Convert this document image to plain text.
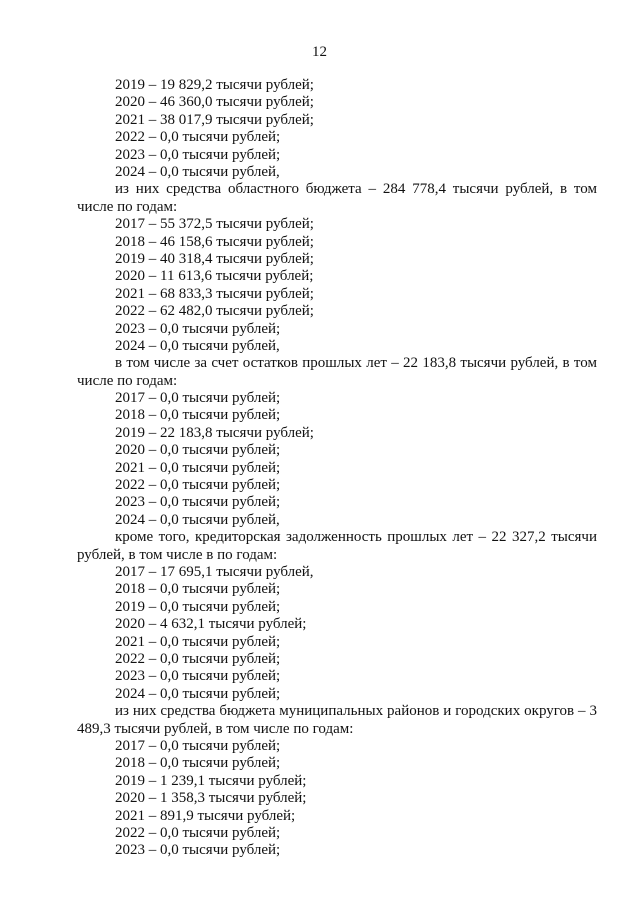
12
2019 – 19 829,2 тысячи рублей;
2020 – 46 360,0 тысячи рублей;
2021 – 38 017,9 тысячи рублей;
2022 – 0,0 тысячи рублей;
2023 – 0,0 тысячи рублей;
2024 – 0,0 тысячи рублей,
из них средства областного бюджета – 284 778,4 тысячи рублей, в том числе по годам:
2017 – 55 372,5 тысячи рублей;
2018 – 46 158,6 тысячи рублей;
2019 – 40 318,4 тысячи рублей;
2020 – 11 613,6 тысячи рублей;
2021 – 68 833,3 тысячи рублей;
2022 – 62 482,0 тысячи рублей;
2023 – 0,0 тысячи рублей;
2024 – 0,0 тысячи рублей,
в том числе за счет остатков прошлых лет – 22 183,8 тысячи рублей, в том числе по годам:
2017 – 0,0 тысячи рублей;
2018 – 0,0 тысячи рублей;
2019 – 22 183,8 тысячи рублей;
2020 – 0,0 тысячи рублей;
2021 – 0,0 тысячи рублей;
2022 – 0,0 тысячи рублей;
2023 – 0,0 тысячи рублей;
2024 – 0,0 тысячи рублей,
кроме того, кредиторская задолженность прошлых лет – 22 327,2 тысячи рублей, в том числе в по годам:
2017 – 17 695,1 тысячи рублей,
2018 – 0,0 тысячи рублей;
2019 – 0,0 тысячи рублей;
2020 – 4 632,1 тысячи рублей;
2021 – 0,0 тысячи рублей;
2022 – 0,0 тысячи рублей;
2023 – 0,0 тысячи рублей;
2024 – 0,0 тысячи рублей;
из них средства бюджета муниципальных районов и городских округов – 3 489,3 тысячи рублей, в том числе по годам:
2017 – 0,0 тысячи рублей;
2018 – 0,0 тысячи рублей;
2019 – 1 239,1 тысячи рублей;
2020 – 1 358,3 тысячи рублей;
2021 – 891,9 тысячи рублей;
2022 – 0,0 тысячи рублей;
2023 – 0,0 тысячи рублей;
